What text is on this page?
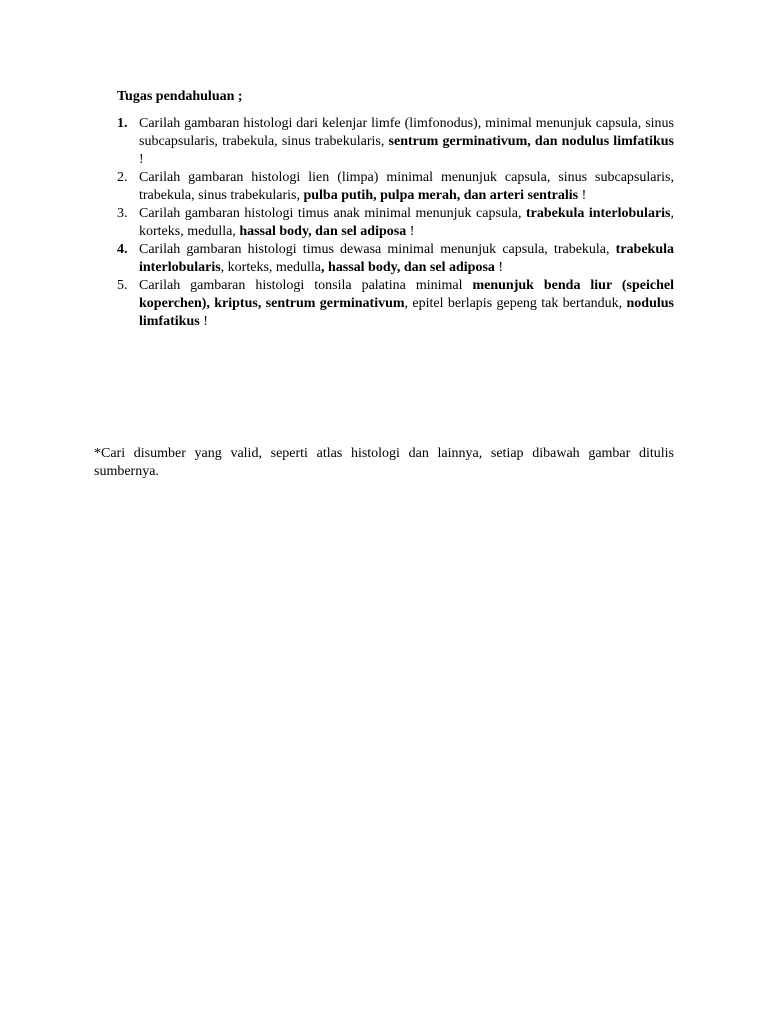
Tugas pendahuluan ;
1. Carilah gambaran histologi dari kelenjar limfe (limfonodus), minimal menunjuk capsula, sinus subcapsularis, trabekula, sinus trabekularis, sentrum germinativum, dan nodulus limfatikus !
2. Carilah gambaran histologi lien (limpa) minimal menunjuk capsula, sinus subcapsularis, trabekula, sinus trabekularis, pulba putih, pulpa merah, dan arteri sentralis !
3. Carilah gambaran histologi timus anak minimal menunjuk capsula, trabekula interlobularis, korteks, medulla, hassal body, dan sel adiposa !
4. Carilah gambaran histologi timus dewasa minimal menunjuk capsula, trabekula, trabekula interlobularis, korteks, medulla, hassal body, dan sel adiposa !
5. Carilah gambaran histologi tonsila palatina minimal menunjuk benda liur (speichel koperchen), kriptus, sentrum germinativum, epitel berlapis gepeng tak bertanduk, nodulus limfatikus !
*Cari disumber yang valid, seperti atlas histologi dan lainnya, setiap dibawah gambar ditulis sumbernya.
